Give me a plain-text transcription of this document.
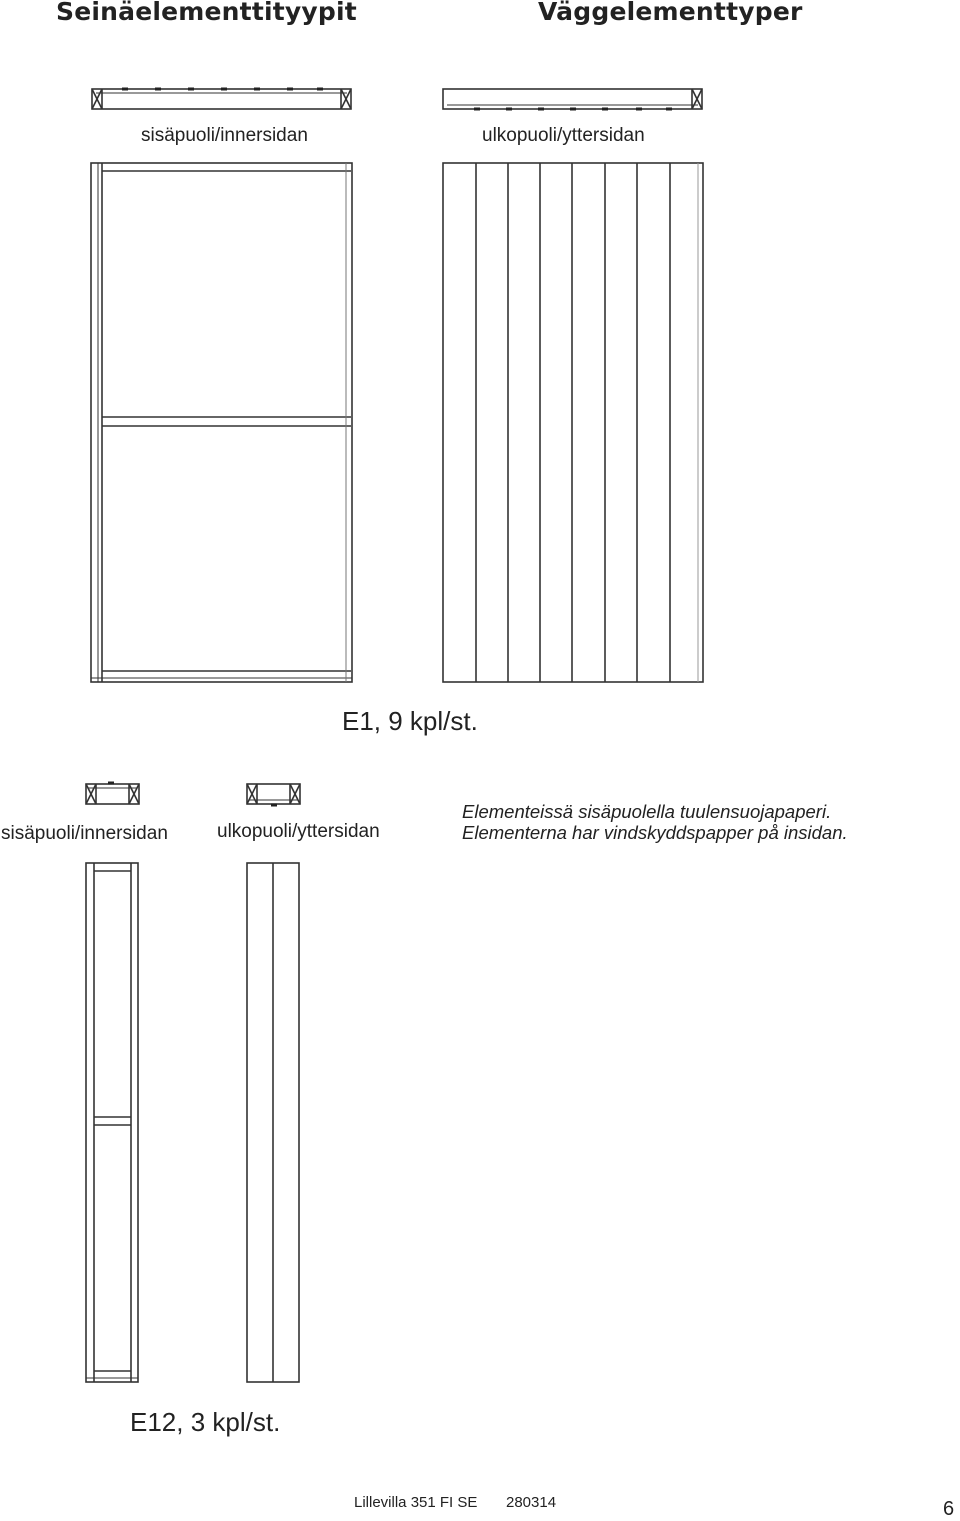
Seinäelementtityypit	Väggelementtyper
sisäpuoli/innersidan	ulkopuoli/yttersidan
E1, 9 kpl/st.
sisäpuoli/innersidan	ulkopuoli/yttersidan
E12, 3 kpl/st.
Elementeissä sisäpuolella tuulensuojapaperi.
Elementerna har vindskyddspapper på insidan.
Lillevilla 351 FI SE 280314	6
